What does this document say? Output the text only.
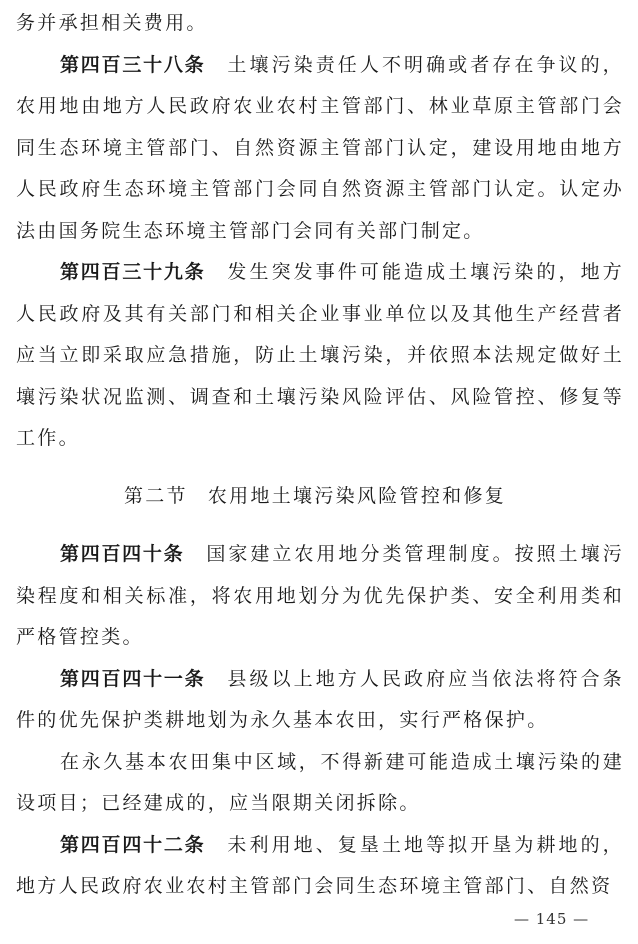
务并承担相关费用。

第四百三十八条 土壤污染责任人不明确或者存在争议的，农用地由地方人民政府农业农村主管部门、林业草原主管部门会同生态环境主管部门、自然资源主管部门认定，建设用地由地方人民政府生态环境主管部门会同自然资源主管部门认定。认定办法由国务院生态环境主管部门会同有关部门制定。

第四百三十九条 发生突发事件可能造成土壤污染的，地方人民政府及其有关部门和相关企业事业单位以及其他生产经营者应当立即采取应急措施，防止土壤污染，并依照本法规定做好土壤污染状况监测、调查和土壤污染风险评估、风险管控、修复等工作。

第二节 农用地土壤污染风险管控和修复

第四百四十条 国家建立农用地分类管理制度。按照土壤污染程度和相关标准，将农用地划分为优先保护类、安全利用类和严格管控类。

第四百四十一条 县级以上地方人民政府应当依法将符合条件的优先保护类耕地划为永久基本农田，实行严格保护。

在永久基本农田集中区域，不得新建可能造成土壤污染的建设项目；已经建成的，应当限期关闭拆除。

第四百四十二条 未利用地、复垦土地等拟开垦为耕地的，地方人民政府农业农村主管部门会同生态环境主管部门、自然资

— 145 —
